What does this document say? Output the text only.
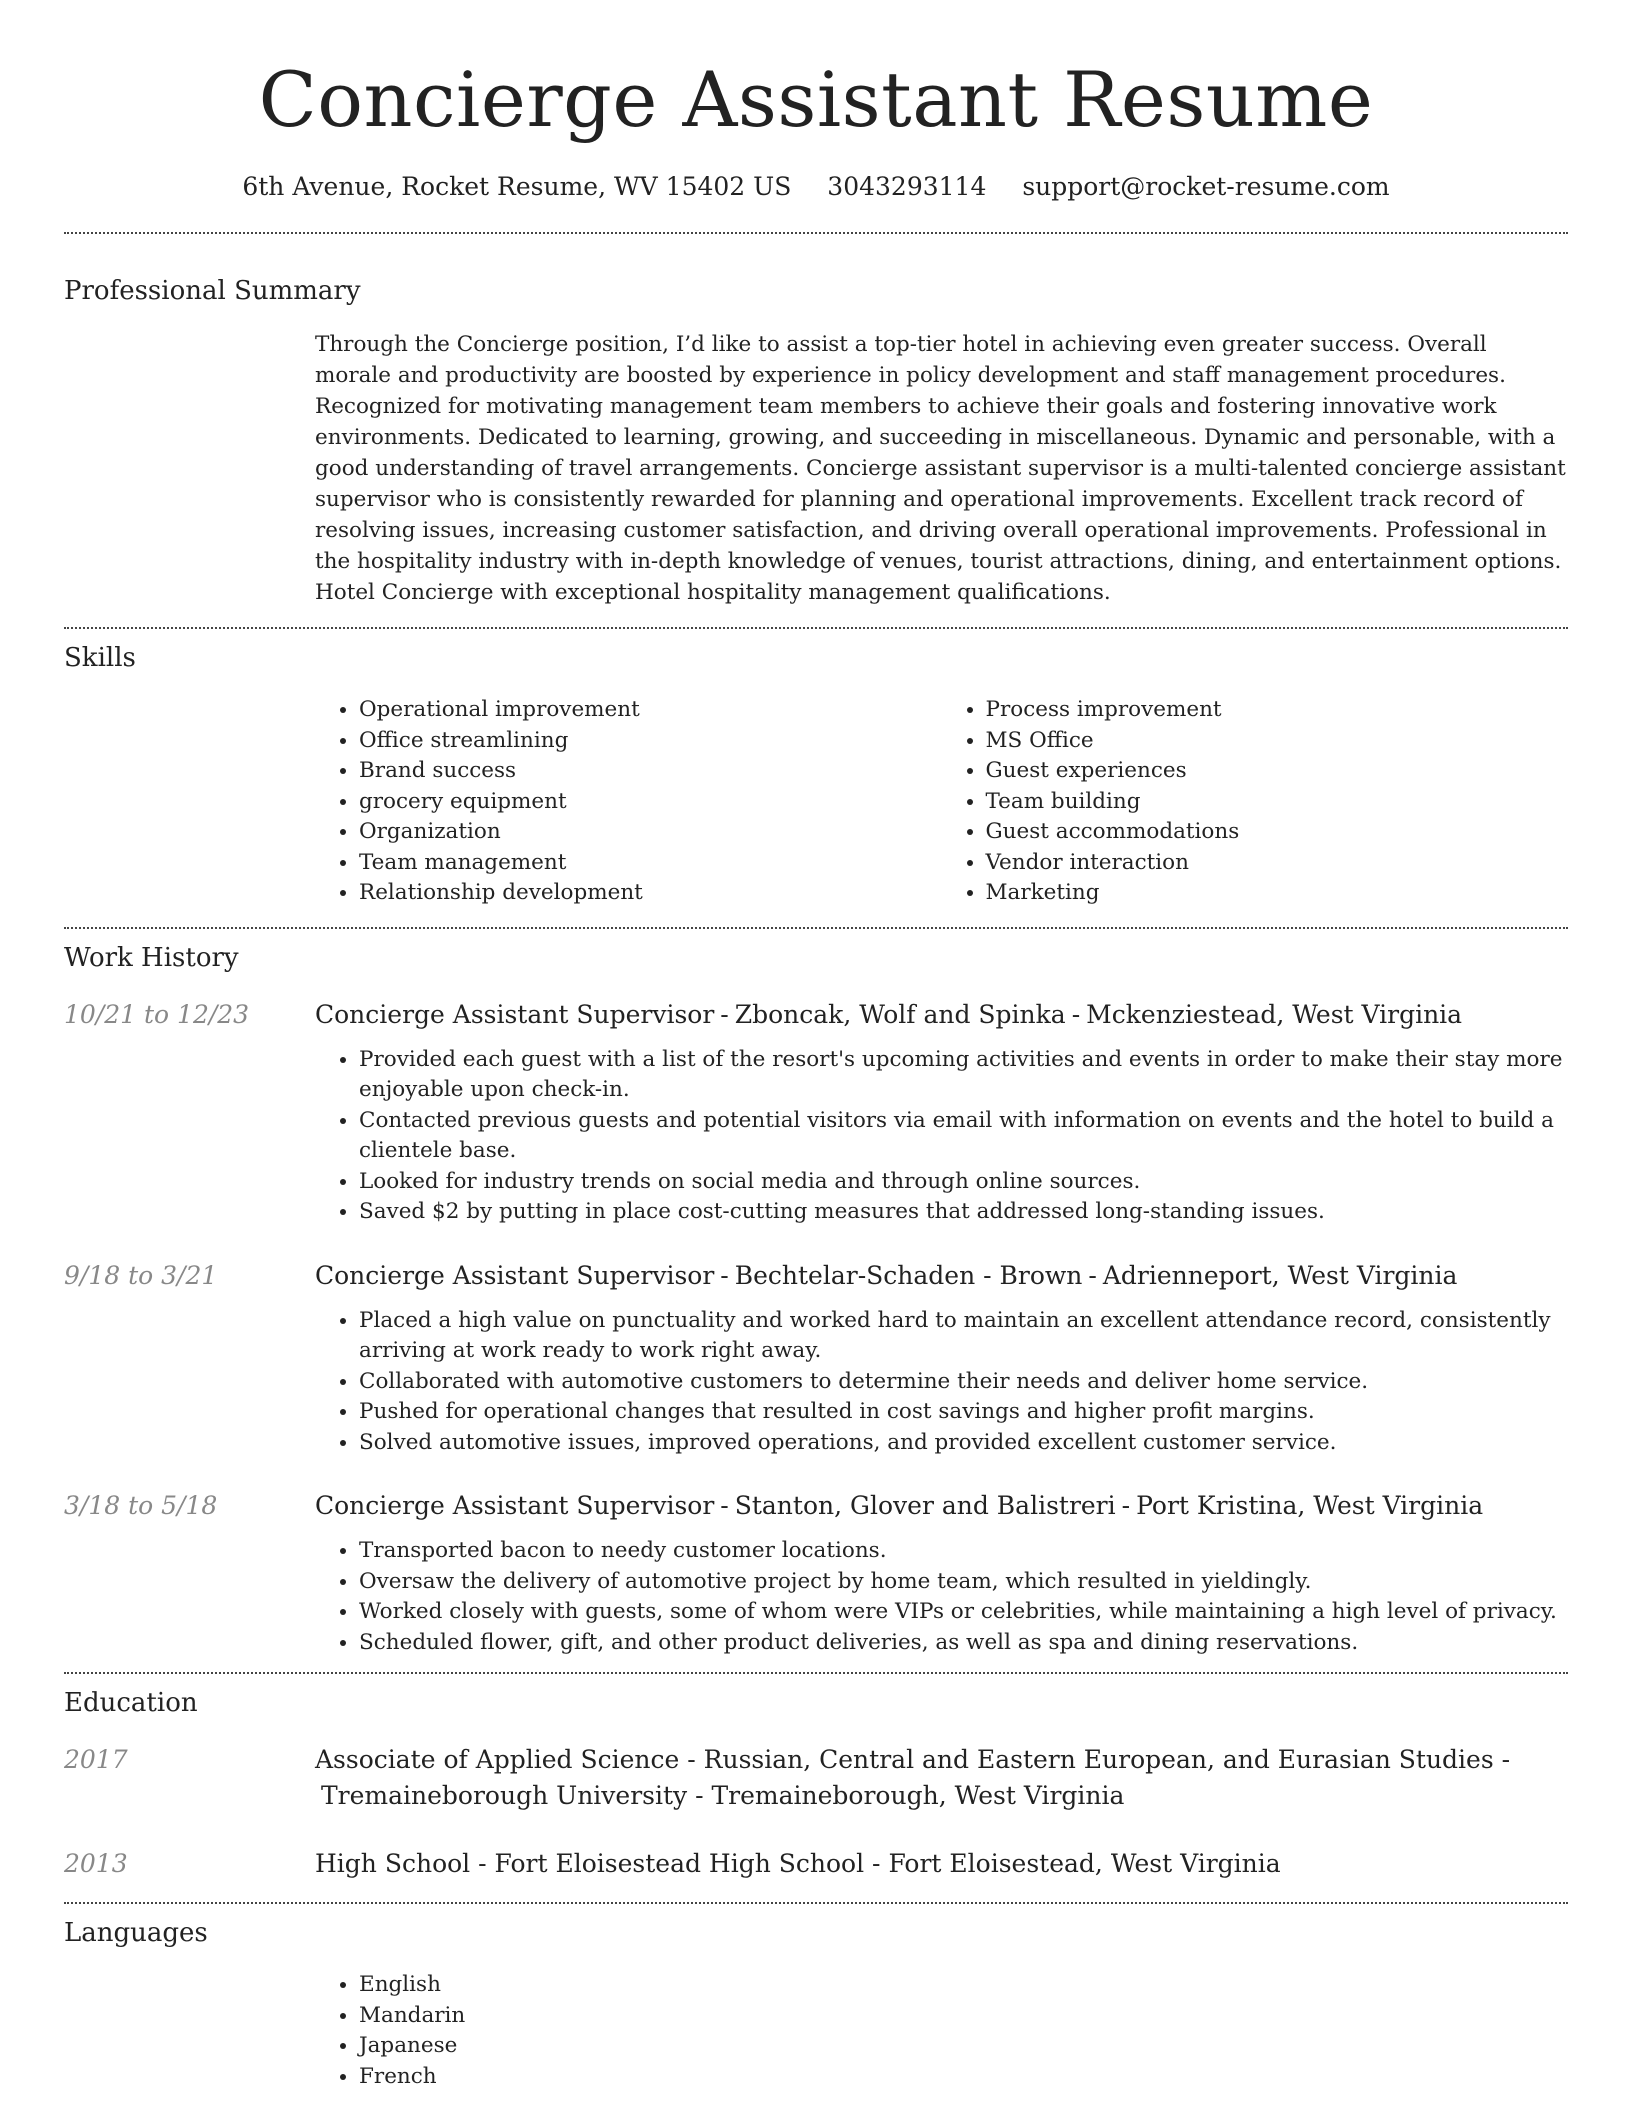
Concierge Assistant Resume
6th Avenue, Rocket Resume, WV 15402 US 3043293114 support@rocket-resume.com
Professional Summary

Through the Concierge position, I’d like to assist a top-tier hotel in achieving even greater success. Overall morale and productivity are boosted by experience in policy development and staff management procedures. Recognized for motivating management team members to achieve their goals and fostering innovative work environments. Dedicated to learning, growing, and succeeding in miscellaneous. Dynamic and personable, with a good understanding of travel arrangements. Concierge assistant supervisor is a multi-talented concierge assistant supervisor who is consistently rewarded for planning and operational improvements. Excellent track record of resolving issues, increasing customer satisfaction, and driving overall operational improvements. Professional in the hospitality industry with in-depth knowledge of venues, tourist attractions, dining, and entertainment options. Hotel Concierge with exceptional hospitality management qualifications.

Skills
• Operational improvement
• Office streamlining
• Brand success
• grocery equipment
• Organization
• Team management
• Relationship development
• Process improvement
• MS Office
• Guest experiences
• Team building
• Guest accommodations
• Vendor interaction
• Marketing
Work History
10/21 to 12/23	Concierge Assistant Supervisor - Zboncak, Wolf and Spinka - Mckenziestead, West Virginia
• Provided each guest with a list of the resort's upcoming activities and events in order to make their stay more enjoyable upon check-in.
• Contacted previous guests and potential visitors via email with information on events and the hotel to build a clientele base.
• Looked for industry trends on social media and through online sources.
• Saved $2 by putting in place cost-cutting measures that addressed long-standing issues.
9/18 to 3/21	Concierge Assistant Supervisor - Bechtelar-Schaden - Brown - Adrienneport, West Virginia
• Placed a high value on punctuality and worked hard to maintain an excellent attendance record, consistently arriving at work ready to work right away.
• Collaborated with automotive customers to determine their needs and deliver home service.
• Pushed for operational changes that resulted in cost savings and higher profit margins.
• Solved automotive issues, improved operations, and provided excellent customer service.
3/18 to 5/18	Concierge Assistant Supervisor - Stanton, Glover and Balistreri - Port Kristina, West Virginia
• Transported bacon to needy customer locations.
• Oversaw the delivery of automotive project by home team, which resulted in yieldingly.
• Worked closely with guests, some of whom were VIPs or celebrities, while maintaining a high level of privacy.
• Scheduled flower, gift, and other product deliveries, as well as spa and dining reservations.
Education
2017	Associate of Applied Science - Russian, Central and Eastern European, and Eurasian Studies -
Tremaineborough University - Tremaineborough, West Virginia
2013	High School - Fort Eloisestead High School - Fort Eloisestead, West Virginia
Languages
• English
• Mandarin
• Japanese
• French
